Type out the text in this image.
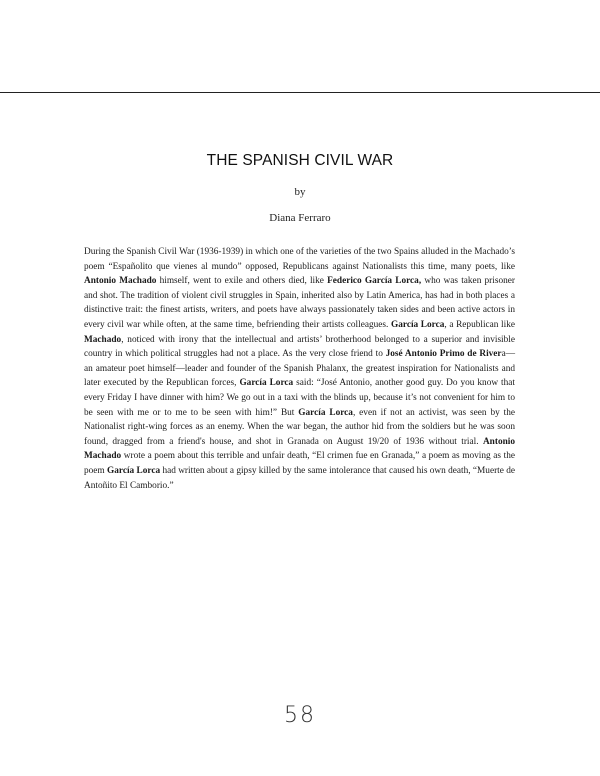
THE SPANISH CIVIL WAR
by
Diana Ferraro

During the Spanish Civil War (1936-1939) in which one of the varieties of the two Spains alluded in the Machado’s poem “Españolito que vienes al mundo” opposed, Republicans against Nationalists this time, many poets, like Antonio Machado himself, went to exile and others died, like Federico García Lorca, who was taken prisoner and shot. The tradition of violent civil struggles in Spain, inherited also by Latin America, has had in both places a distinctive trait: the finest artists, writers, and poets have always passionately taken sides and been active actors in every civil war while often, at the same time, befriending their artists colleagues. García Lorca, a Republican like Machado, noticed with irony that the intellectual and artists’ brotherhood belonged to a superior and invisible country in which political struggles had not a place. As the very close friend to José Antonio Primo de Rivera—an amateur poet himself—leader and founder of the Spanish Phalanx, the greatest inspiration for Nationalists and later executed by the Republican forces, García Lorca said: “José Antonio, another good guy. Do you know that every Friday I have dinner with him? We go out in a taxi with the blinds up, because it’s not convenient for him to be seen with me or to me to be seen with him!” But García Lorca, even if not an activist, was seen by the Nationalist right-wing forces as an enemy. When the war began, the author hid from the soldiers but he was soon found, dragged from a friend's house, and shot in Granada on August 19/20 of 1936 without trial. Antonio Machado wrote a poem about this terrible and unfair death, “El crimen fue en Granada,” a poem as moving as the poem García Lorca had written about a gipsy killed by the same intolerance that caused his own death, “Muerte de Antoñito El Camborio.”

58
